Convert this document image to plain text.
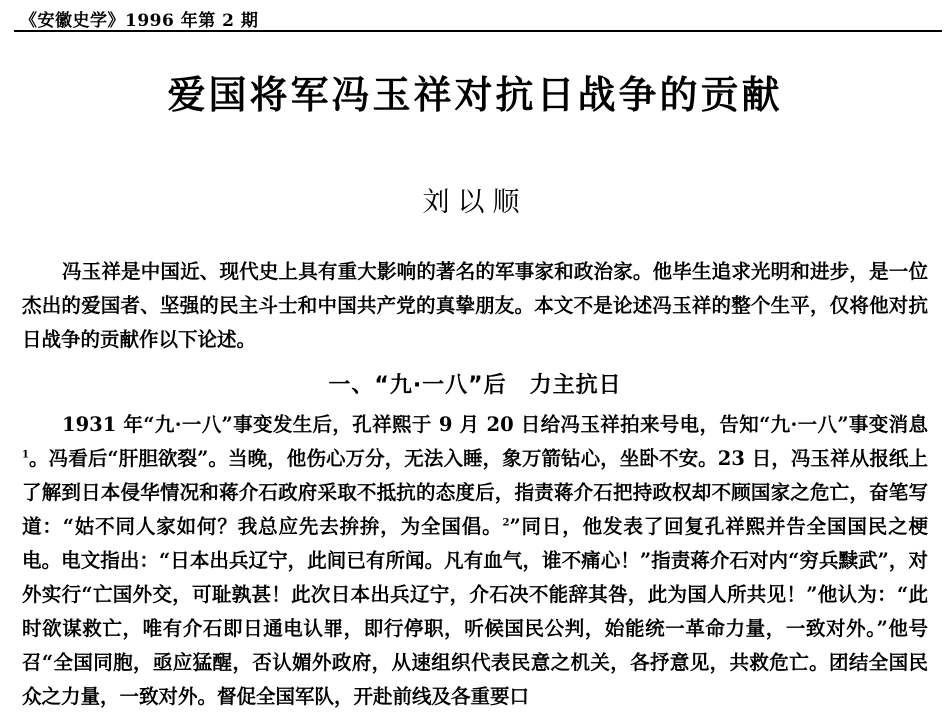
《安徽史学》1996 年第 2 期
爱国将军冯玉祥对抗日战争的贡献
刘以顺

冯玉祥是中国近、现代史上具有重大影响的著名的军事家和政治家。他毕生追求光明和进步，是一位杰出的爱国者、坚强的民主斗士和中国共产党的真挚朋友。本文不是论述冯玉祥的整个生平，仅将他对抗日战争的贡献作以下论述。

一、“九·一八”后　力主抗日

1931 年“九·一八”事变发生后，孔祥熙于 9 月 20 日给冯玉祥拍来号电，告知“九·一八”事变消息$^1$。冯看后“肝胆欲裂”。当晚，他伤心万分，无法入睡，象万箭钻心，坐卧不安。23 日，冯玉祥从报纸上了解到日本侵华情况和蒋介石政府采取不抵抗的态度后，指责蒋介石把持政权却不顾国家之危亡，奋笔写道：“姑不同人家如何？我总应先去拚拚，为全国倡。$^2$”同日，他发表了回复孔祥熙并告全国国民之梗电。电文指出：“日本出兵辽宁，此间已有所闻。凡有血气，谁不痛心！”指责蒋介石对内“穷兵黩武”，对外实行“亡国外交，可耻孰甚！此次日本出兵辽宁，介石决不能辞其咎，此为国人所共见！”他认为：“此时欲谋救亡，唯有介石即日通电认罪，即行停职，听候国民公判，始能统一革命力量，一致对外。”他号召“全国同胞，亟应猛醒，否认媚外政府，从速组织代表民意之机关，各抒意见，共救危亡。团结全国民众之力量，一致对外。督促全国军队，开赴前线及各重要口
